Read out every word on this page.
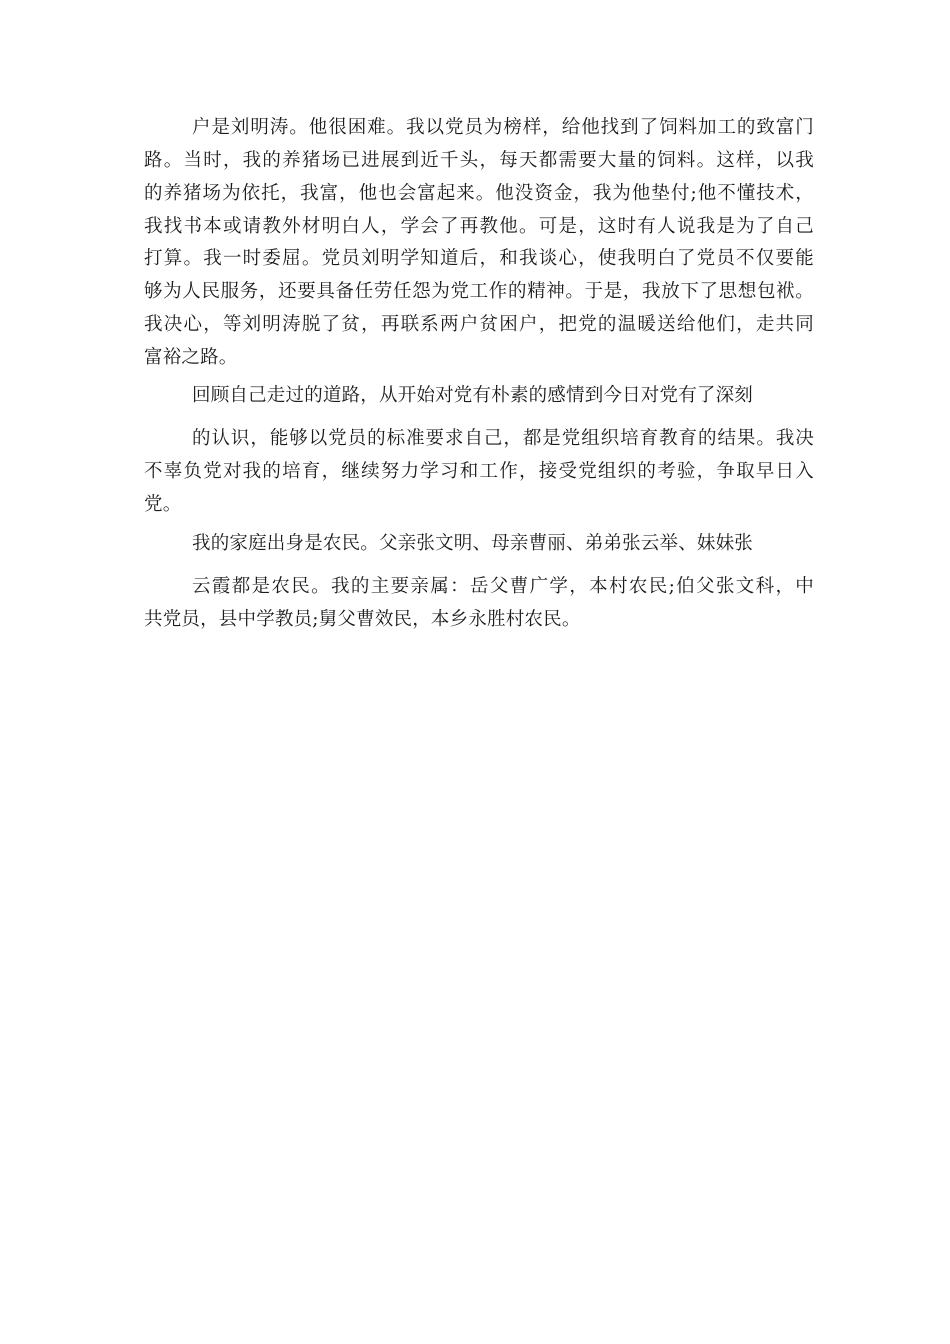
户是刘明涛。他很困难。我以党员为榜样，给他找到了饲料加工的致富门
路。当时，我的养猪场已进展到近千头，每天都需要大量的饲料。这样，以我
的养猪场为依托，我富，他也会富起来。他没资金，我为他垫付;他不懂技术，
我找书本或请教外材明白人，学会了再教他。可是，这时有人说我是为了自己
打算。我一时委屈。党员刘明学知道后，和我谈心，使我明白了党员不仅要能
够为人民服务，还要具备任劳任怨为党工作的精神。于是，我放下了思想包袱。
我决心，等刘明涛脱了贫，再联系两户贫困户，把党的温暖送给他们，走共同
富裕之路。
回顾自己走过的道路，从开始对党有朴素的感情到今日对党有了深刻
的认识，能够以党员的标准要求自己，都是党组织培育教育的结果。我决
不辜负党对我的培育，继续努力学习和工作，接受党组织的考验，争取早日入
党。
我的家庭出身是农民。父亲张文明、母亲曹丽、弟弟张云举、妹妹张
云霞都是农民。我的主要亲属：岳父曹广学，本村农民;伯父张文科，中
共党员，县中学教员;舅父曹效民，本乡永胜村农民。
